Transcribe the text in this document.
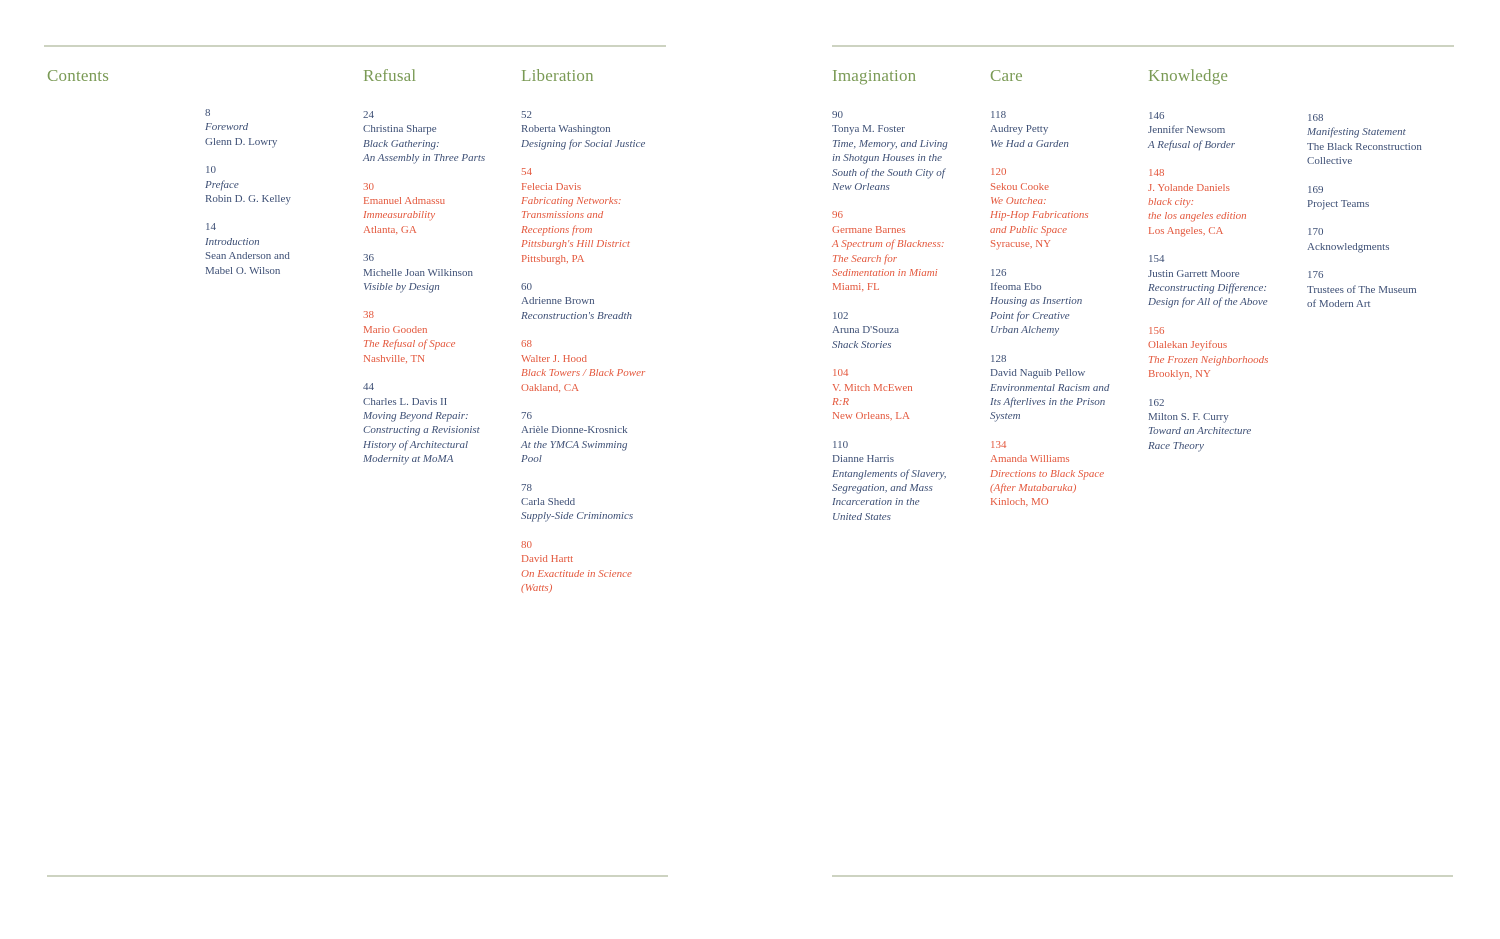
Contents	Refusal	Liberation	Imagination	Care	Knowledge
8
Foreword
Glenn D. Lowry
10
Preface
Robin D. G. Kelley
14
Introduction
Sean Anderson and
Mabel O. Wilson
24
Christina Sharpe
Black Gathering:
An Assembly in Three Parts
30
Emanuel Admassu
Immeasurability
Atlanta, GA
36
Michelle Joan Wilkinson
Visible by Design
38
Mario Gooden
The Refusal of Space
Nashville, TN
44
Charles L. Davis II
Moving Beyond Repair:
Constructing a Revisionist
History of Architectural
Modernity at MoMA
52
Roberta Washington
Designing for Social Justice
54
Felecia Davis
Fabricating Networks:
Transmissions and
Receptions from
Pittsburgh's Hill District
Pittsburgh, PA
60
Adrienne Brown
Reconstruction's Breadth
68
Walter J. Hood
Black Towers / Black Power
Oakland, CA
76
Arièle Dionne-Krosnick
At the YMCA Swimming
Pool
78
Carla Shedd
Supply-Side Criminomics
80
David Hartt
On Exactitude in Science
(Watts)
90
Tonya M. Foster
Time, Memory, and Living
in Shotgun Houses in the
South of the South City of
New Orleans
96
Germane Barnes
A Spectrum of Blackness:
The Search for
Sedimentation in Miami
Miami, FL
102
Aruna D'Souza
Shack Stories
104
V. Mitch McEwen
R:R
New Orleans, LA
110
Dianne Harris
Entanglements of Slavery,
Segregation, and Mass
Incarceration in the
United States
118
Audrey Petty
We Had a Garden
120
Sekou Cooke
We Outchea:
Hip-Hop Fabrications
and Public Space
Syracuse, NY
126
Ifeoma Ebo
Housing as Insertion
Point for Creative
Urban Alchemy
128
David Naguib Pellow
Environmental Racism and
Its Afterlives in the Prison
System
134
Amanda Williams
Directions to Black Space
(After Mutabaruka)
Kinloch, MO
146
Jennifer Newsom
A Refusal of Border
148
J. Yolande Daniels
black city:
the los angeles edition
Los Angeles, CA
154
Justin Garrett Moore
Reconstructing Difference:
Design for All of the Above
156
Olalekan Jeyifous
The Frozen Neighborhoods
Brooklyn, NY
162
Milton S. F. Curry
Toward an Architecture
Race Theory
168
Manifesting Statement
The Black Reconstruction
Collective
169
Project Teams
170
Acknowledgments
176
Trustees of The Museum
of Modern Art
